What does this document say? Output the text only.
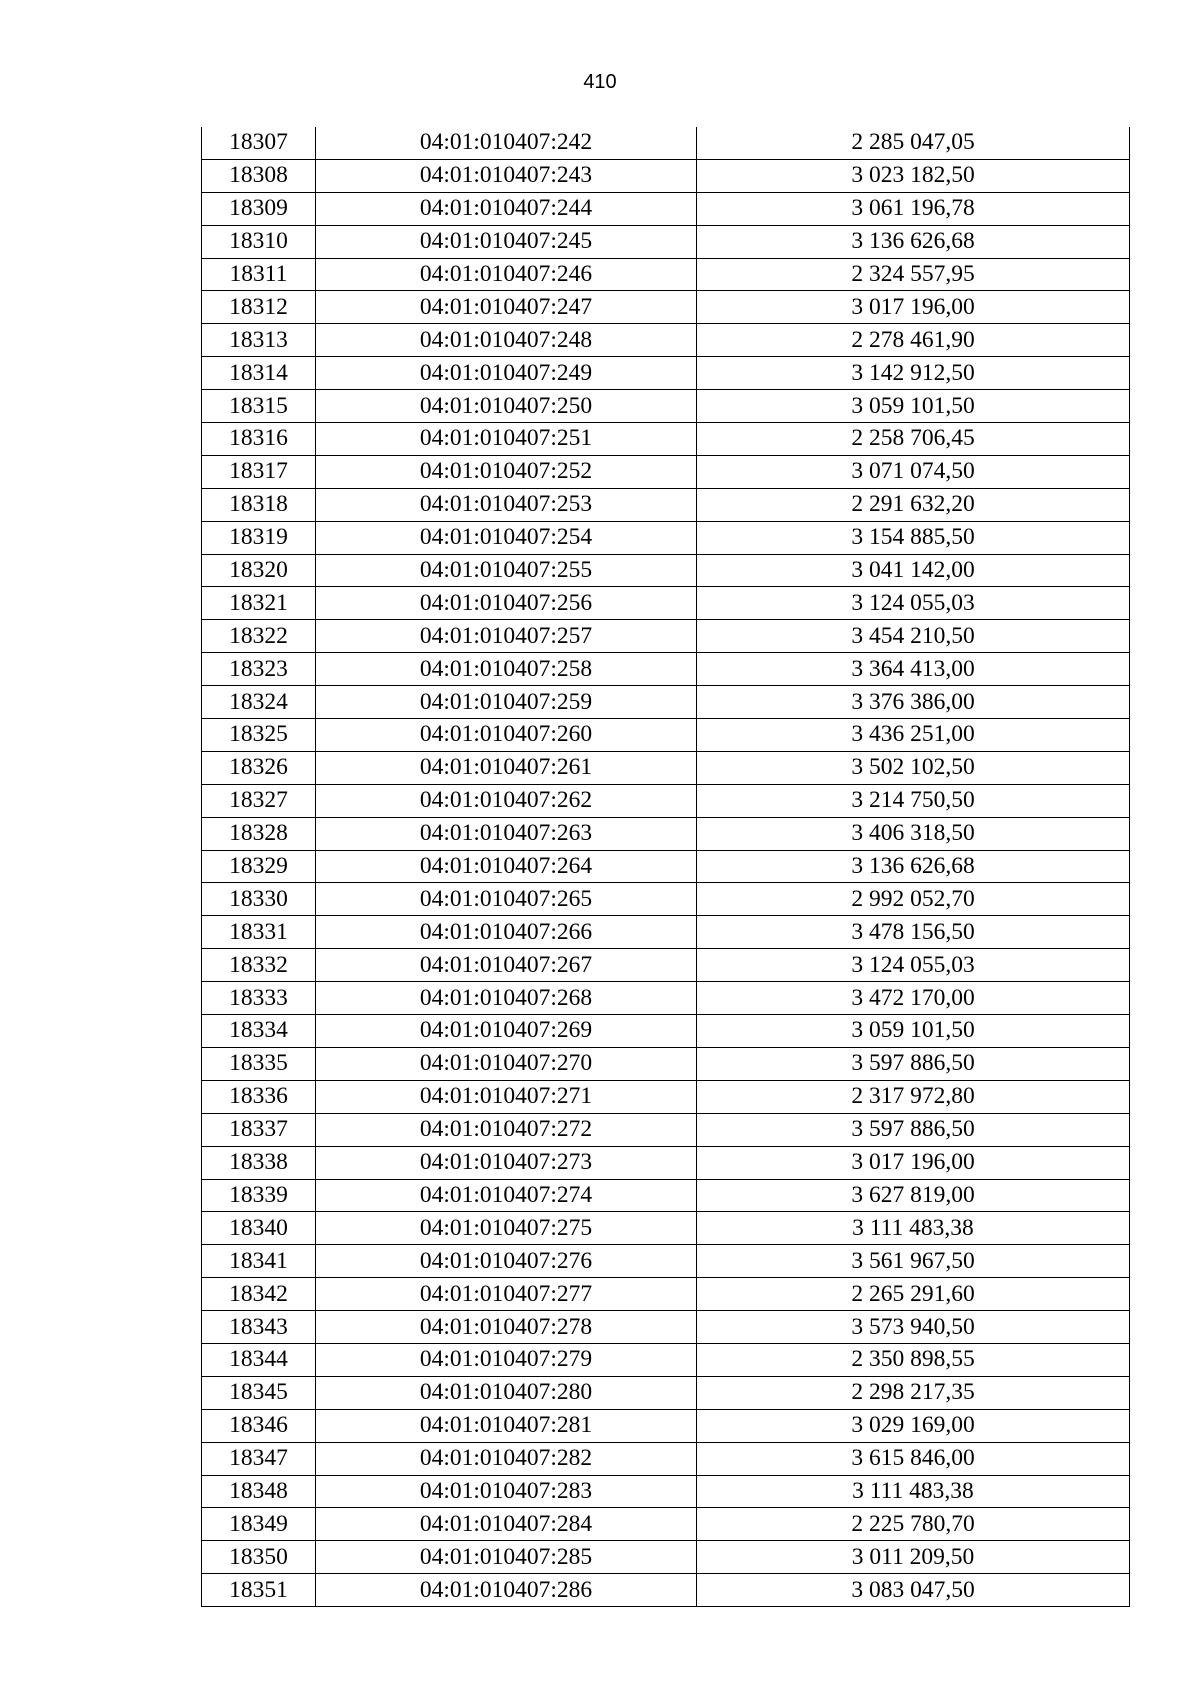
410
18307	04:01:010407:242	2 285 047,05
18308	04:01:010407:243	3 023 182,50
18309	04:01:010407:244	3 061 196,78
18310	04:01:010407:245	3 136 626,68
18311	04:01:010407:246	2 324 557,95
18312	04:01:010407:247	3 017 196,00
18313	04:01:010407:248	2 278 461,90
18314	04:01:010407:249	3 142 912,50
18315	04:01:010407:250	3 059 101,50
18316	04:01:010407:251	2 258 706,45
18317	04:01:010407:252	3 071 074,50
18318	04:01:010407:253	2 291 632,20
18319	04:01:010407:254	3 154 885,50
18320	04:01:010407:255	3 041 142,00
18321	04:01:010407:256	3 124 055,03
18322	04:01:010407:257	3 454 210,50
18323	04:01:010407:258	3 364 413,00
18324	04:01:010407:259	3 376 386,00
18325	04:01:010407:260	3 436 251,00
18326	04:01:010407:261	3 502 102,50
18327	04:01:010407:262	3 214 750,50
18328	04:01:010407:263	3 406 318,50
18329	04:01:010407:264	3 136 626,68
18330	04:01:010407:265	2 992 052,70
18331	04:01:010407:266	3 478 156,50
18332	04:01:010407:267	3 124 055,03
18333	04:01:010407:268	3 472 170,00
18334	04:01:010407:269	3 059 101,50
18335	04:01:010407:270	3 597 886,50
18336	04:01:010407:271	2 317 972,80
18337	04:01:010407:272	3 597 886,50
18338	04:01:010407:273	3 017 196,00
18339	04:01:010407:274	3 627 819,00
18340	04:01:010407:275	3 111 483,38
18341	04:01:010407:276	3 561 967,50
18342	04:01:010407:277	2 265 291,60
18343	04:01:010407:278	3 573 940,50
18344	04:01:010407:279	2 350 898,55
18345	04:01:010407:280	2 298 217,35
18346	04:01:010407:281	3 029 169,00
18347	04:01:010407:282	3 615 846,00
18348	04:01:010407:283	3 111 483,38
18349	04:01:010407:284	2 225 780,70
18350	04:01:010407:285	3 011 209,50
18351	04:01:010407:286	3 083 047,50
